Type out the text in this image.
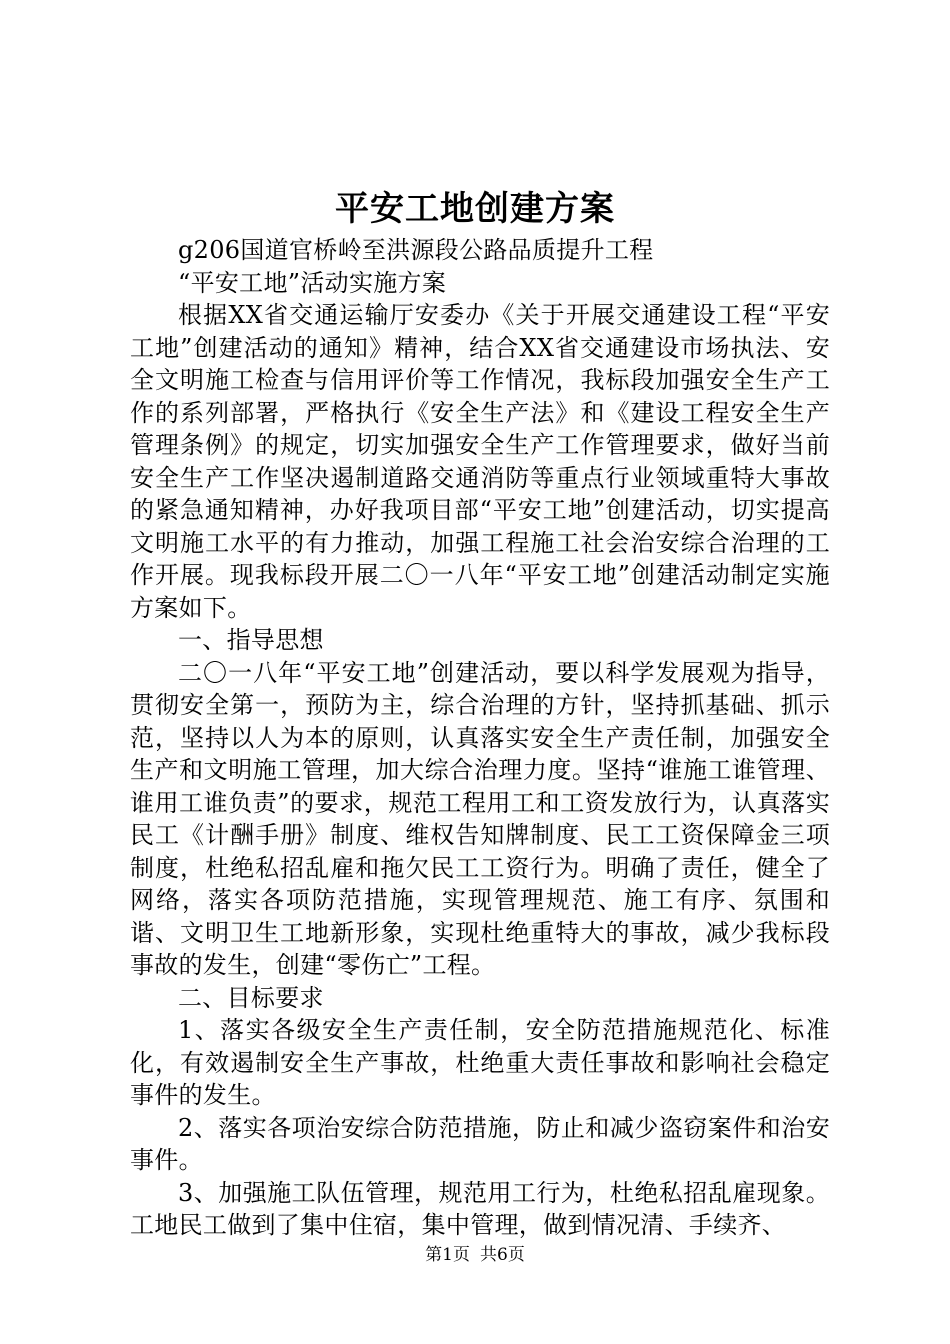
平安工地创建方案

g206国道官桥岭至洪源段公路品质提升工程

“平安工地”活动实施方案

根据XX省交通运输厅安委办《关于开展交通建设工程“平安工地”创建活动的通知》精神，结合XX省交通建设市场执法、安全文明施工检查与信用评价等工作情况，我标段加强安全生产工作的系列部署，严格执行《安全生产法》和《建设工程安全生产管理条例》的规定，切实加强安全生产工作管理要求，做好当前安全生产工作坚决遏制道路交通消防等重点行业领域重特大事故的紧急通知精神，办好我项目部“平安工地”创建活动，切实提高文明施工水平的有力推动，加强工程施工社会治安综合治理的工作开展。现我标段开展二〇一八年“平安工地”创建活动制定实施方案如下。

一、指导思想

二〇一八年“平安工地”创建活动，要以科学发展观为指导，贯彻安全第一，预防为主，综合治理的方针，坚持抓基础、抓示范，坚持以人为本的原则，认真落实安全生产责任制，加强安全生产和文明施工管理，加大综合治理力度。坚持“谁施工谁管理、谁用工谁负责”的要求，规范工程用工和工资发放行为，认真落实民工《计酬手册》制度、维权告知牌制度、民工工资保障金三项制度，杜绝私招乱雇和拖欠民工工资行为。明确了责任，健全了网络，落实各项防范措施，实现管理规范、施工有序、氛围和谐、文明卫生工地新形象，实现杜绝重特大的事故，减少我标段事故的发生，创建“零伤亡”工程。

二、目标要求

1、落实各级安全生产责任制，安全防范措施规范化、标准化，有效遏制安全生产事故，杜绝重大责任事故和影响社会稳定事件的发生。

2、落实各项治安综合防范措施，防止和减少盗窃案件和治安事件。

3、加强施工队伍管理，规范用工行为，杜绝私招乱雇现象。工地民工做到了集中住宿，集中管理，做到情况清、手续齐、

第1页 共6页
